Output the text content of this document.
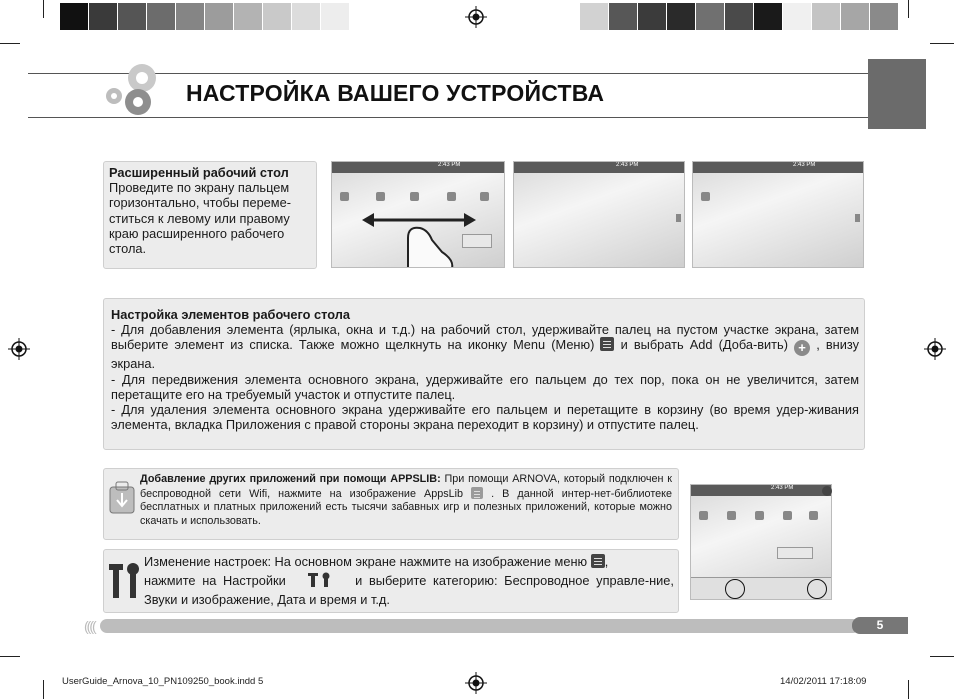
НАСТРОЙКА ВАШЕГО УСТРОЙСТВА
Расширенный рабочий стол
Проведите по экрану пальцем горизонтально, чтобы переме-ститься к левому или правому краю расширенного рабочего стола.
2:43 PM	2:43 PM	2:43 PM
Настройка элементов рабочего стола
- Для добавления элемента (ярлыка, окна и т.д.) на рабочий стол, удерживайте палец на пустом участке экрана, затем выберите элемент из списка. Также можно щелкнуть на иконку Menu (Меню) и выбрать Add (Доба-вить) + , внизу экрана.
- Для передвижения элемента основного экрана, удерживайте его пальцем до тех пор, пока он не увеличится, затем перетащите его на требуемый участок и отпустите палец.
- Для удаления элемента основного экрана удерживайте его пальцем и перетащите в корзину (во время удер-живания элемента, вкладка Приложения с правой стороны экрана переходит в корзину) и отпустите палец.
Добавление других приложений при помощи APPSLIB: При помощи ARNOVA, который подключен к беспроводной сети Wifi, нажмите на изображение AppsLib	. В данной интер-нет-библиотеке бесплатных и платных приложений есть тысячи забавных игр и полезных приложений, которые можно скачать и использовать.
Изменение настроек: На основном экране нажмите на изображение меню ,
нажмите на Настройки	и выберите категорию: Беспроводное управле-ние, Звуки и изображение, Дата и время и т.д.
2:43 PM
((((	5
UserGuide_Arnova_10_PN109250_book.indd 5	14/02/2011 17:18:09
